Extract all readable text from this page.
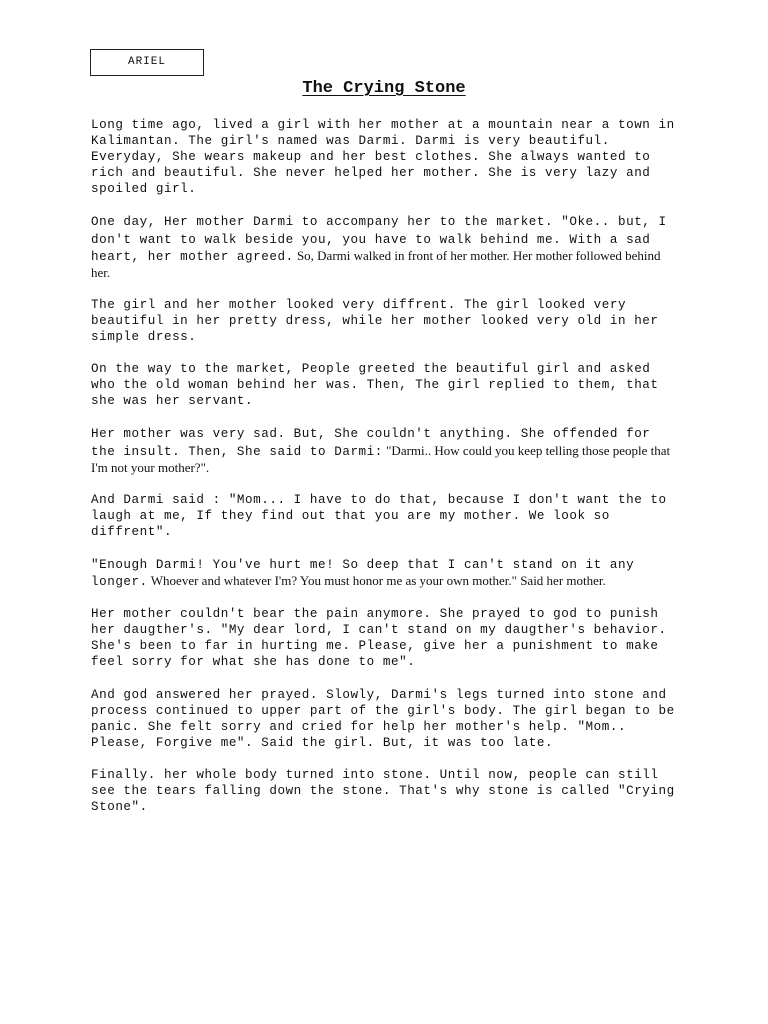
ARIEL
The Crying Stone

Long time ago, lived a girl with her mother at a mountain near a town in Kalimantan. The girl's named was Darmi. Darmi is very beautiful. Everyday, She wears makeup and her best clothes. She always wanted to rich and beautiful. She never helped her mother. She is very lazy and spoiled girl.

One day, Her mother Darmi to accompany her to the market. "Oke.. but, I don't want to walk beside you, you have to walk behind me. With a sad heart, her mother agreed. So, Darmi walked in front of her mother. Her mother followed behind her.

The girl and her mother looked very diffrent. The girl looked very beautiful in her pretty dress, while her mother looked very old in her simple dress.

On the way to the market, People greeted the beautiful girl and asked who the old woman behind her was. Then, The girl replied to them, that she was her servant.

Her mother was very sad. But, She couldn't anything. She offended for the insult. Then, She said to Darmi: "Darmi.. How could you keep telling those people that I'm not your mother?".

And Darmi said : "Mom... I have to do that, because I don't want the to laugh at me, If they find out that you are my mother. We look so diffrent".

"Enough Darmi! You've hurt me! So deep that I can't stand on it any longer. Whoever and whatever I'm? You must honor me as your own mother." Said her mother.

Her mother couldn't bear the pain anymore. She prayed to god to punish her daugther's. "My dear lord, I can't stand on my daugther's behavior. She's been to far in hurting me. Please, give her a punishment to make feel sorry for what she has done to me".

And god answered her prayed. Slowly, Darmi's legs turned into stone and process continued to upper part of the girl's body. The girl began to be panic. She felt sorry and cried for help her mother's help. "Mom.. Please, Forgive me". Said the girl. But, it was too late.

Finally. her whole body turned into stone. Until now, people can still see the tears falling down the stone. That's why stone is called "Crying Stone".
